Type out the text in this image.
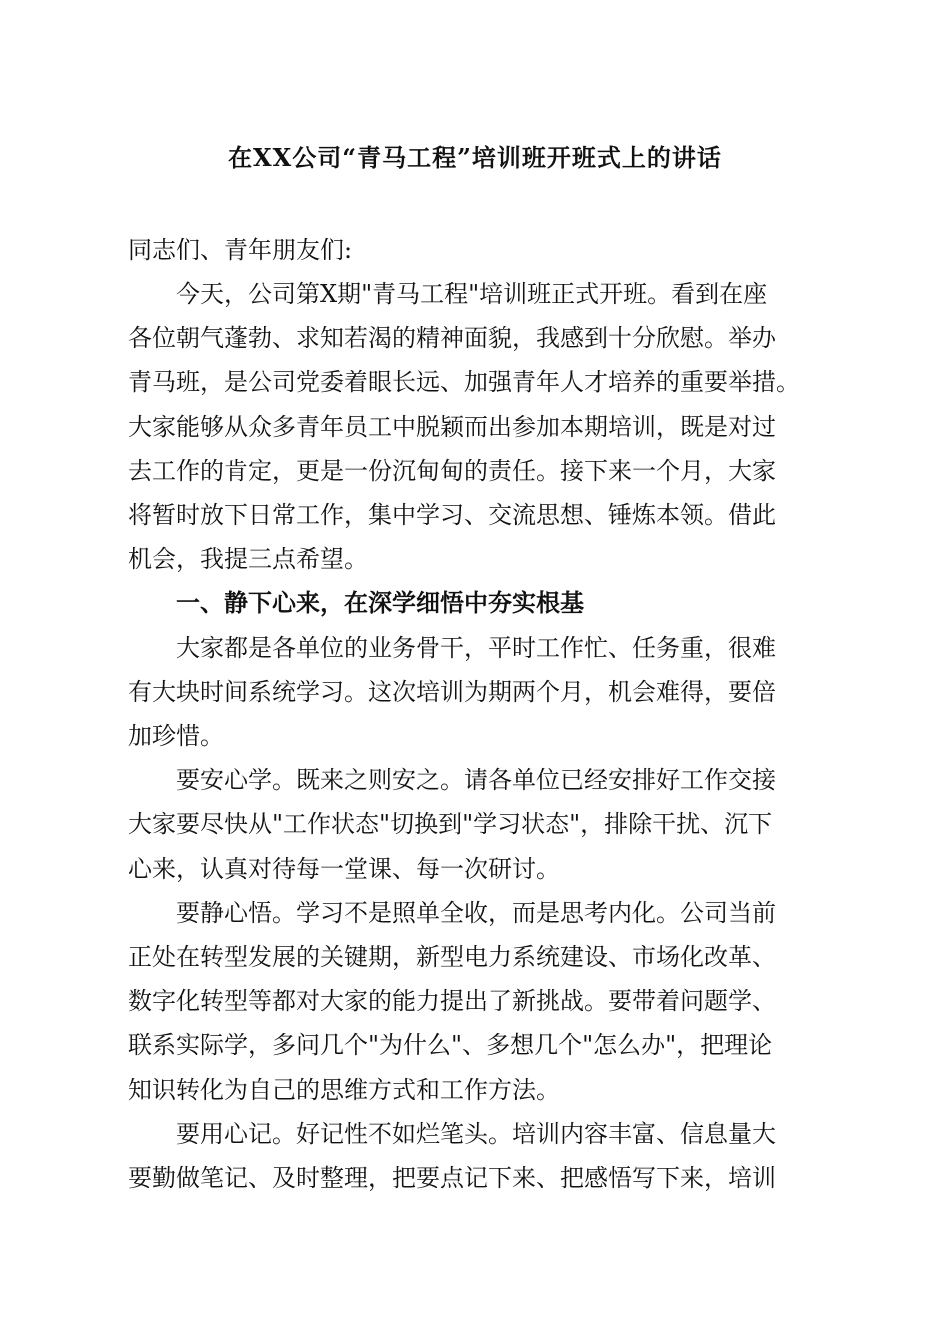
在XX公司“青马工程”培训班开班式上的讲话
同志们、青年朋友们:

今天，公司第X期"青马工程"培训班正式开班。看到在座
各位朝气蓬勃、求知若渴的精神面貌，我感到十分欣慰。举办
青马班，是公司党委着眼长远、加强青年人才培养的重要举措。
大家能够从众多青年员工中脱颖而出参加本期培训，既是对过
去工作的肯定，更是一份沉甸甸的责任。接下来一个月，大家
将暂时放下日常工作，集中学习、交流思想、锤炼本领。借此
机会，我提三点希望。

一、静下心来，在深学细悟中夯实根基

大家都是各单位的业务骨干，平时工作忙、任务重，很难
有大块时间系统学习。这次培训为期两个月，机会难得，要倍
加珍惜。

要安心学。既来之则安之。请各单位已经安排好工作交接
大家要尽快从"工作状态"切换到"学习状态"，排除干扰、沉下
心来，认真对待每一堂课、每一次研讨。

要静心悟。学习不是照单全收，而是思考内化。公司当前
正处在转型发展的关键期，新型电力系统建设、市场化改革、
数字化转型等都对大家的能力提出了新挑战。要带着问题学、
联系实际学，多问几个"为什么"、多想几个"怎么办"，把理论
知识转化为自己的思维方式和工作方法。

要用心记。好记性不如烂笔头。培训内容丰富、信息量大
要勤做笔记、及时整理，把要点记下来、把感悟写下来，培训
